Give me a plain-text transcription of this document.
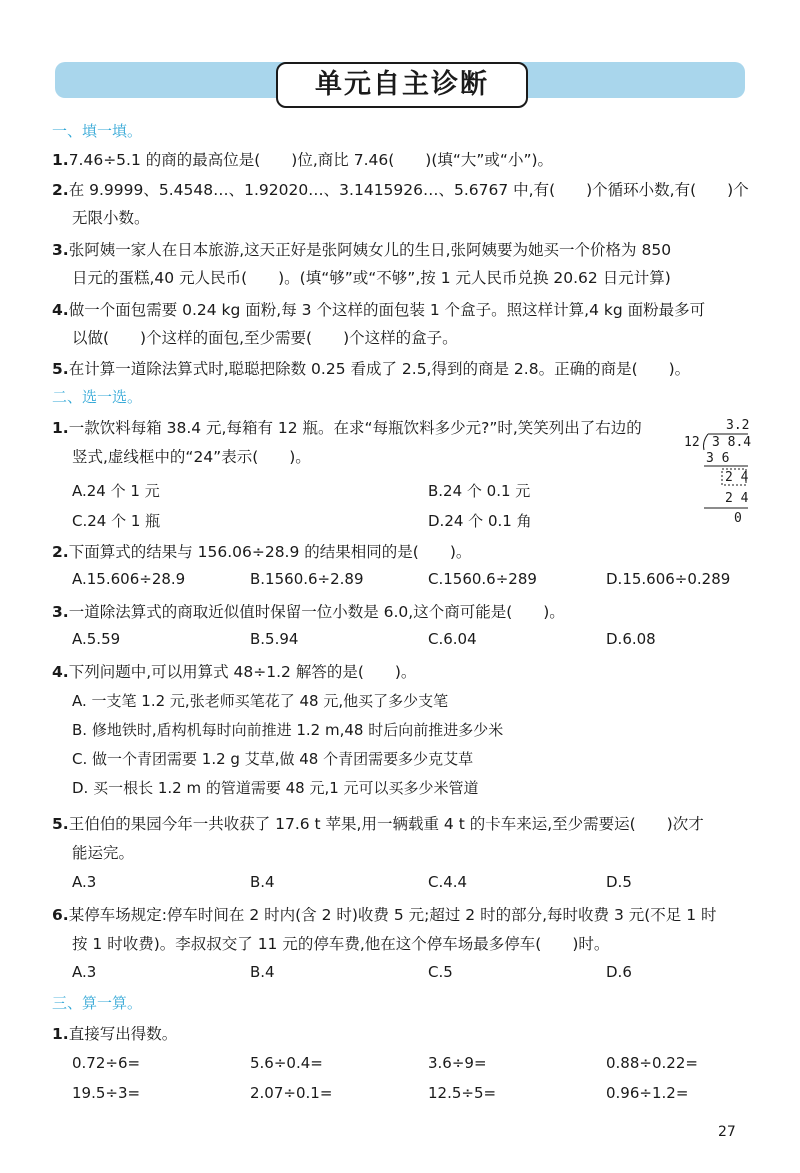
单元自主诊断
一、填一填。
1.7.46÷5.1 的商的最高位是(　　)位,商比 7.46(　　)(填“大”或“小”)。
2.在 9.9999、5.4548…、1.92020…、3.1415926…、5.6767 中,有(　　)个循环小数,有(　　)个
无限小数。
3.张阿姨一家人在日本旅游,这天正好是张阿姨女儿的生日,张阿姨要为她买一个价格为 850
日元的蛋糕,40 元人民币(　　)。(填“够”或“不够”,按 1 元人民币兑换 20.62 日元计算)
4.做一个面包需要 0.24 kg 面粉,每 3 个这样的面包装 1 个盒子。照这样计算,4 kg 面粉最多可
以做(　　)个这样的面包,至少需要(　　)个这样的盒子。
5.在计算一道除法算式时,聪聪把除数 0.25 看成了 2.5,得到的商是 2.8。正确的商是(　　)。
二、选一选。
1.一款饮料每箱 38.4 元,每箱有 12 瓶。在求“每瓶饮料多少元?”时,笑笑列出了右边的
竖式,虚线框中的“24”表示(　　)。
A.24 个 1 元	B.24 个 0.1 元
C.24 个 1 瓶	D.24 个 0.1 角
3.2
12 3 8.4
3 6
2 4
2 4
0
2.下面算式的结果与 156.06÷28.9 的结果相同的是(　　)。
A.15.606÷28.9	B.1560.6÷2.89	C.1560.6÷289	D.15.606÷0.289
3.一道除法算式的商取近似值时保留一位小数是 6.0,这个商可能是(　　)。
A.5.59	B.5.94	C.6.04	D.6.08
4.下列问题中,可以用算式 48÷1.2 解答的是(　　)。
A. 一支笔 1.2 元,张老师买笔花了 48 元,他买了多少支笔
B. 修地铁时,盾构机每时向前推进 1.2 m,48 时后向前推进多少米
C. 做一个青团需要 1.2 g 艾草,做 48 个青团需要多少克艾草
D. 买一根长 1.2 m 的管道需要 48 元,1 元可以买多少米管道
5.王伯伯的果园今年一共收获了 17.6 t 苹果,用一辆载重 4 t 的卡车来运,至少需要运(　　)次才
能运完。
A.3	B.4	C.4.4	D.5
6.某停车场规定:停车时间在 2 时内(含 2 时)收费 5 元;超过 2 时的部分,每时收费 3 元(不足 1 时
按 1 时收费)。李叔叔交了 11 元的停车费,他在这个停车场最多停车(　　)时。
A.3	B.4	C.5	D.6
三、算一算。
1.直接写出得数。
0.72÷6=	5.6÷0.4=	3.6÷9=	0.88÷0.22=
19.5÷3=	2.07÷0.1=	12.5÷5=	0.96÷1.2=
27
